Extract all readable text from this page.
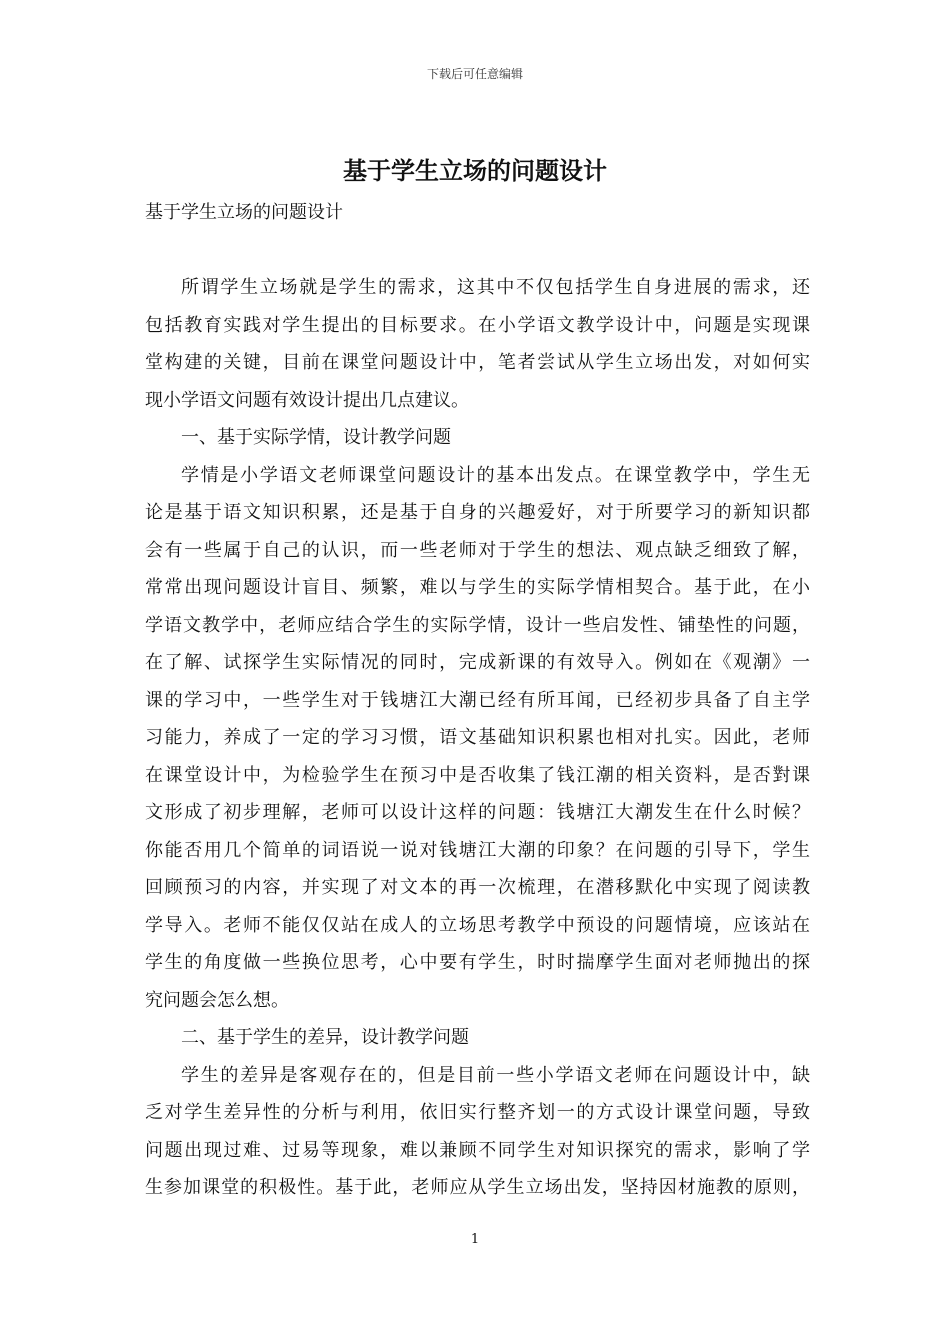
下载后可任意编辑
基于学生立场的问题设计

基于学生立场的问题设计

所谓学生立场就是学生的需求，这其中不仅包括学生自身进展的需求，还
包括教育实践对学生提出的目标要求。在小学语文教学设计中，问题是实现课
堂构建的关键，目前在课堂问题设计中，笔者尝试从学生立场出发，对如何实
现小学语文问题有效设计提出几点建议。
一、基于实际学情，设计教学问题
学情是小学语文老师课堂问题设计的基本出发点。在课堂教学中，学生无
论是基于语文知识积累，还是基于自身的兴趣爱好，对于所要学习的新知识都
会有一些属于自己的认识，而一些老师对于学生的想法、观点缺乏细致了解，
常常出现问题设计盲目、频繁，难以与学生的实际学情相契合。基于此，在小
学语文教学中，老师应结合学生的实际学情，设计一些启发性、铺垫性的问题，
在了解、试探学生实际情况的同时，完成新课的有效导入。例如在《观潮》一
课的学习中，一些学生对于钱塘江大潮已经有所耳闻，已经初步具备了自主学
习能力，养成了一定的学习习惯，语文基础知识积累也相对扎实。因此，老师
在课堂设计中，为检验学生在预习中是否收集了钱江潮的相关资料，是否對课
文形成了初步理解，老师可以设计这样的问题：钱塘江大潮发生在什么时候？
你能否用几个简单的词语说一说对钱塘江大潮的印象？在问题的引导下，学生
回顾预习的内容，并实现了对文本的再一次梳理，在潜移默化中实现了阅读教
学导入。老师不能仅仅站在成人的立场思考教学中预设的问题情境，应该站在
学生的角度做一些换位思考，心中要有学生，时时揣摩学生面对老师抛出的探
究问题会怎么想。
二、基于学生的差异，设计教学问题
学生的差异是客观存在的，但是目前一些小学语文老师在问题设计中，缺
乏对学生差异性的分析与利用，依旧实行整齐划一的方式设计课堂问题，导致
问题出现过难、过易等现象，难以兼顾不同学生对知识探究的需求，影响了学
生参加课堂的积极性。基于此，老师应从学生立场出发，坚持因材施教的原则，
1
